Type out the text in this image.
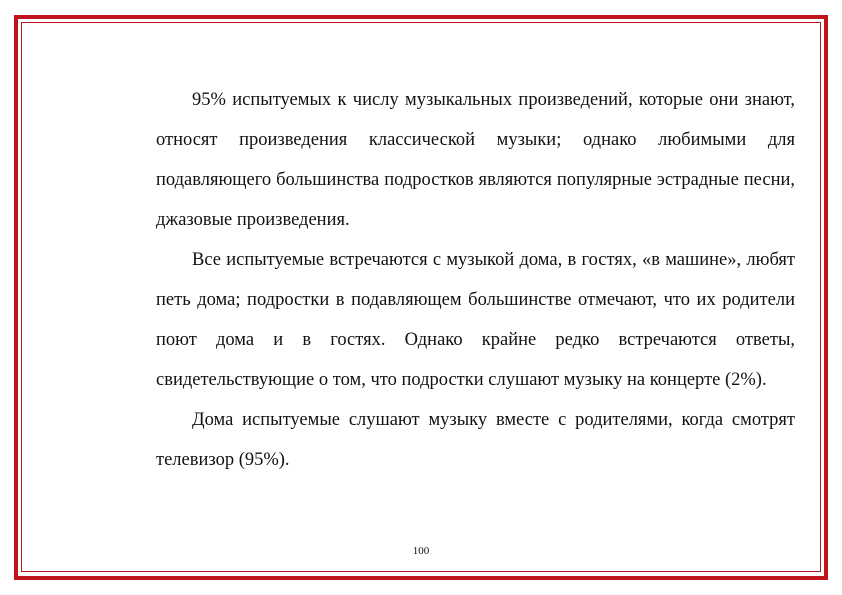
95% испытуемых к числу музыкальных произведений, которые они знают, относят произведения классической музыки; однако любимыми для подавляющего большинства подростков являются популярные эстрадные песни, джазовые произведения.

Все испытуемые встречаются с музыкой дома, в гостях, «в машине», любят петь дома; подростки в подавляющем большинстве отмечают, что их родители поют дома и в гостях. Однако крайне редко встречаются ответы, свидетельствующие о том, что подростки слушают музыку на концерте (2%).

Дома испытуемые слушают музыку вместе с родителями, когда смотрят телевизор (95%).

100
